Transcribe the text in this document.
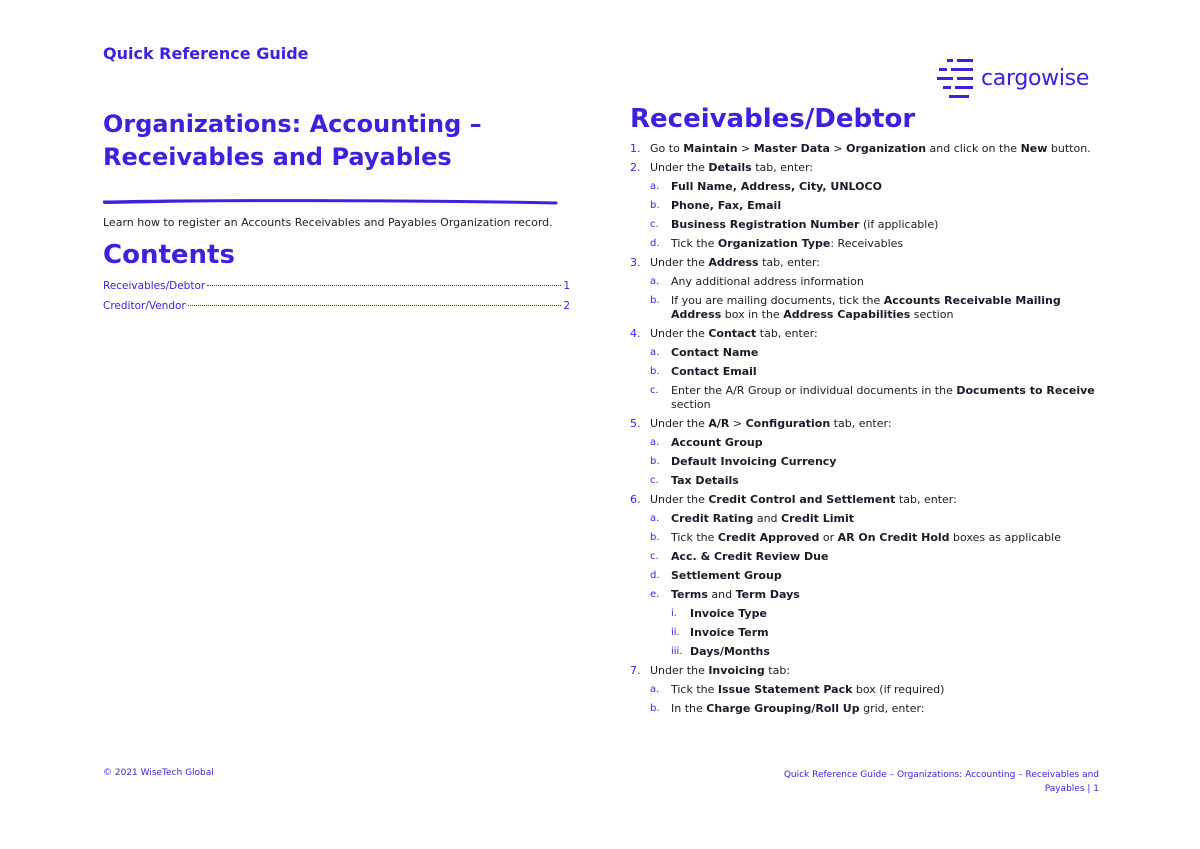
Quick Reference Guide
cargowise
Organizations: Accounting –
Receivables and Payables
Learn how to register an Accounts Receivables and Payables Organization record.
Contents
Receivables/Debtor	1
Creditor/Vendor	2
Receivables/Debtor
1. Go to Maintain > Master Data > Organization and click on the New button.
2. Under the Details tab, enter:
a.	Full Name, Address, City, UNLOCO
b.	Phone, Fax, Email
c.	Business Registration Number (if applicable)
d.	Tick the Organization Type: Receivables
3. Under the Address tab, enter:
a.	Any additional address information
b.	If you are mailing documents, tick the Accounts Receivable Mailing Address box in the Address Capabilities section
4. Under the Contact tab, enter:
a.	Contact Name
b.	Contact Email
c.	Enter the A/R Group or individual documents in the Documents to Receive section
5. Under the A/R > Configuration tab, enter:
a.	Account Group
b.	Default Invoicing Currency
c.	Tax Details
6. Under the Credit Control and Settlement tab, enter:
a.	Credit Rating and Credit Limit
b.	Tick the Credit Approved or AR On Credit Hold boxes as applicable
c.	Acc. & Credit Review Due
d.	Settlement Group
e.	Terms and Term Days
i.	Invoice Type
ii. Invoice Term
iii. Days/Months
7. Under the Invoicing tab:
a.	Tick the Issue Statement Pack box (if required)
b.	In the Charge Grouping/Roll Up grid, enter:
© 2021 WiseTech Global	Quick Reference Guide – Organizations: Accounting – Receivables and
Payables | 1
